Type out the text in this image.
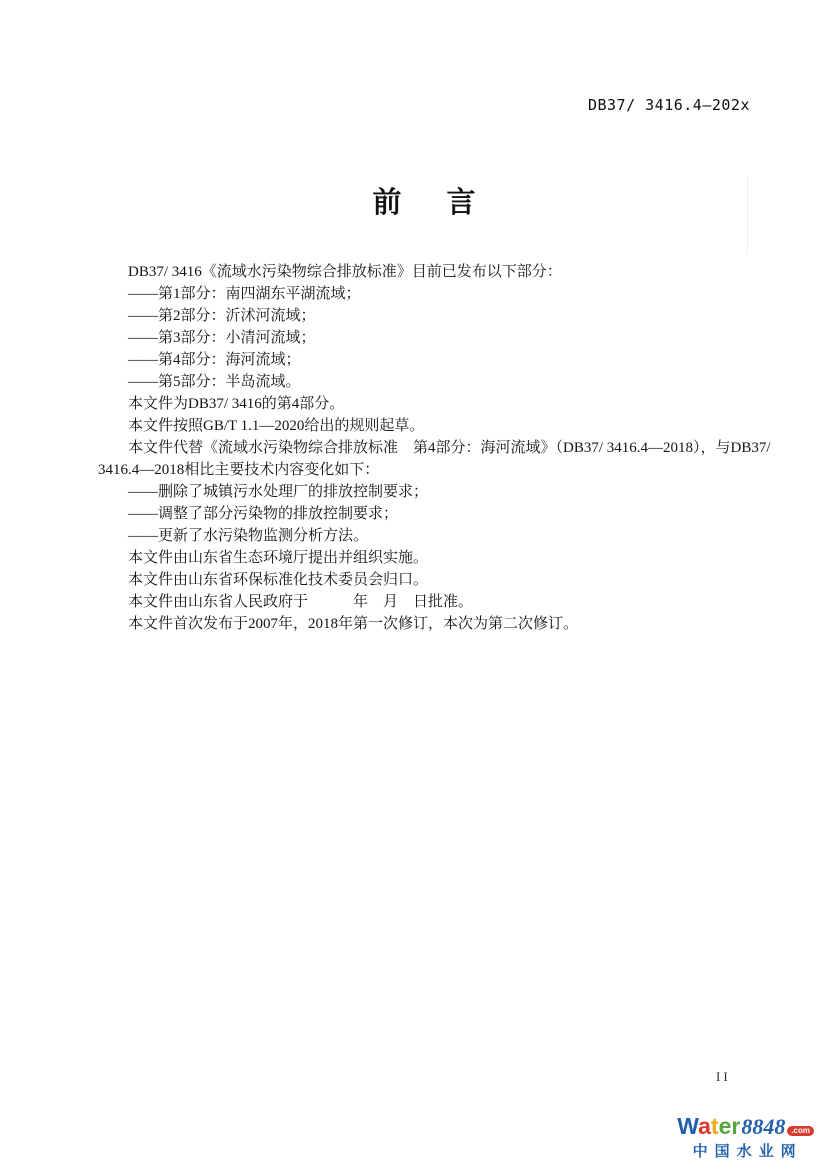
DB37/ 3416.4—202x
前 言
DB37/ 3416《流域水污染物综合排放标准》目前已发布以下部分：
——第1部分：南四湖东平湖流域；
——第2部分：沂沭河流域；
——第3部分：小清河流域；
——第4部分：海河流域；
——第5部分：半岛流域。
本文件为DB37/ 3416的第4部分。
本文件按照GB/T 1.1—2020给出的规则起草。
本文件代替《流域水污染物综合排放标准　第4部分：海河流域》（DB37/ 3416.4—2018），与DB37/
3416.4—2018相比主要技术内容变化如下：
——删除了城镇污水处理厂的排放控制要求；
——调整了部分污染物的排放控制要求；
——更新了水污染物监测分析方法。
本文件由山东省生态环境厅提出并组织实施。
本文件由山东省环保标准化技术委员会归口。
本文件由山东省人民政府于　　　年　月　日批准。
本文件首次发布于2007年，2018年第一次修订，本次为第二次修订。
II
Water 8848 .com
中国水业网
